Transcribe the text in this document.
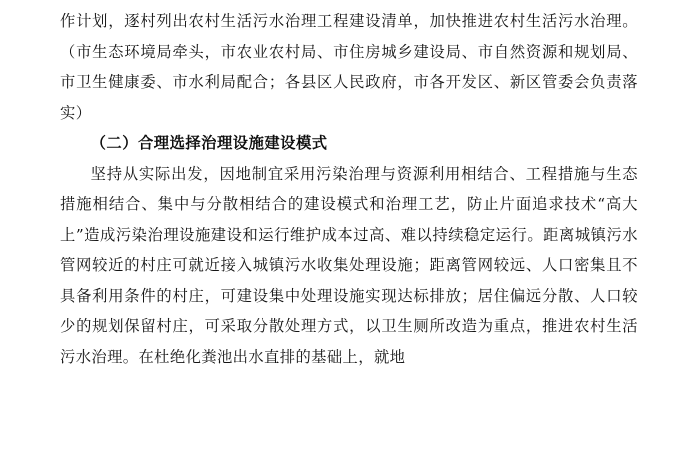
作计划，逐村列出农村生活污水治理工程建设清单，加快推进农村生活污水治理。（市生态环境局牵头，市农业农村局、市住房城乡建设局、市自然资源和规划局、市卫生健康委、市水利局配合；各县区人民政府，市各开发区、新区管委会负责落实）

（二）合理选择治理设施建设模式

坚持从实际出发，因地制宜采用污染治理与资源利用相结合、工程措施与生态措施相结合、集中与分散相结合的建设模式和治理工艺，防止片面追求技术“高大上”造成污染治理设施建设和运行维护成本过高、难以持续稳定运行。距离城镇污水管网较近的村庄可就近接入城镇污水收集处理设施；距离管网较远、人口密集且不具备利用条件的村庄，可建设集中处理设施实现达标排放；居住偏远分散、人口较少的规划保留村庄，可采取分散处理方式，以卫生厕所改造为重点，推进农村生活污水治理。在杜绝化粪池出水直排的基础上，就地
